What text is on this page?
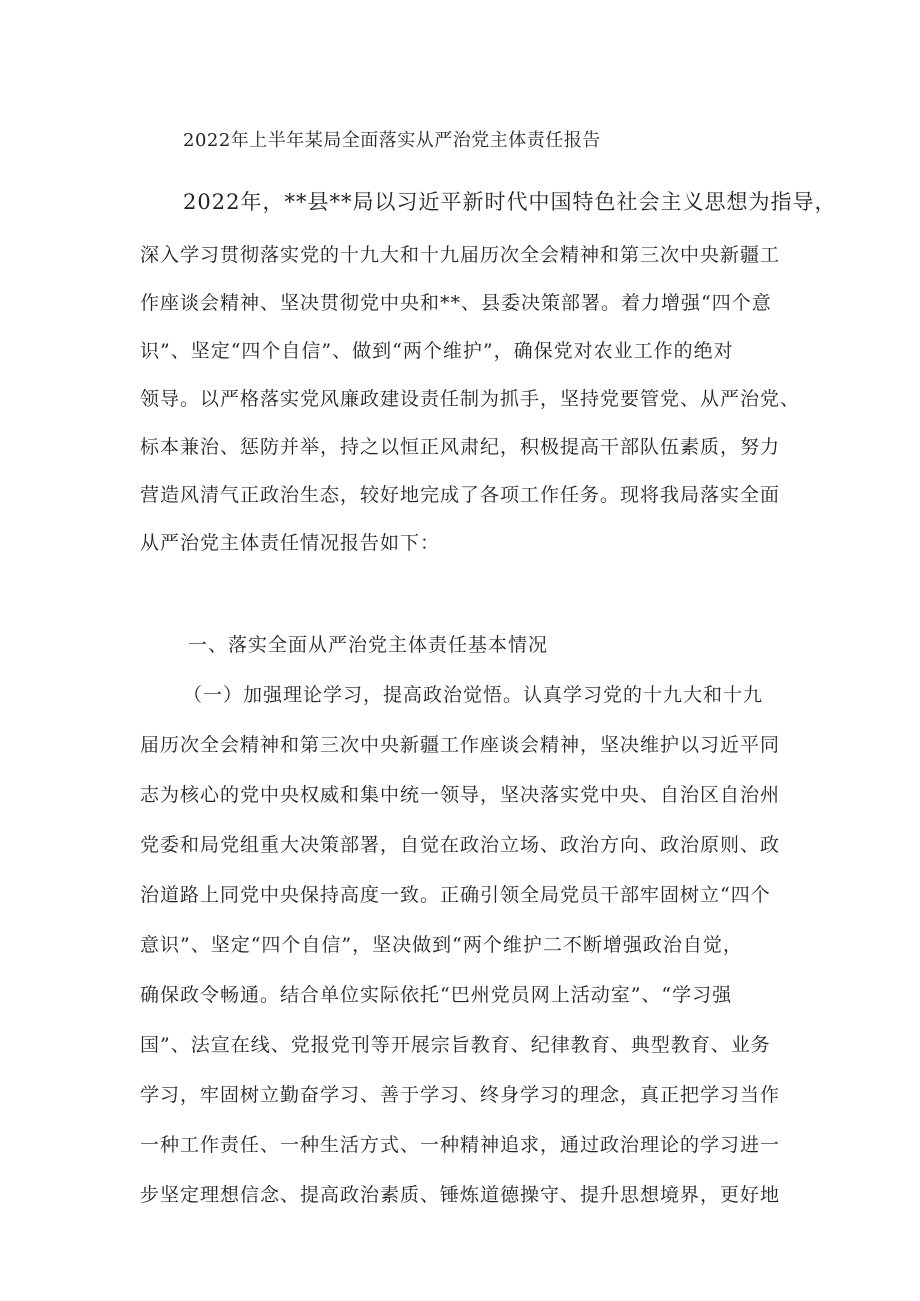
2022年上半年某局全面落实从严治党主体责任报告
2022年，**县**局以习近平新时代中国特色社会主义思想为指导，
深入学习贯彻落实党的十九大和十九届历次全会精神和第三次中央新疆工
作座谈会精神、坚决贯彻党中央和**、县委决策部署。着力增强“四个意
识”、坚定“四个自信”、做到“两个维护”，确保党对农业工作的绝对
领导。以严格落实党风廉政建设责任制为抓手，坚持党要管党、从严治党、
标本兼治、惩防并举，持之以恒正风肃纪，积极提高干部队伍素质，努力
营造风清气正政治生态，较好地完成了各项工作任务。现将我局落实全面
从严治党主体责任情况报告如下：
一、落实全面从严治党主体责任基本情况
（一）加强理论学习，提高政治觉悟。认真学习党的十九大和十九
届历次全会精神和第三次中央新疆工作座谈会精神，坚决维护以习近平同
志为核心的党中央权威和集中统一领导，坚决落实党中央、自治区自治州
党委和局党组重大决策部署，自觉在政治立场、政治方向、政治原则、政
治道路上同党中央保持高度一致。正确引领全局党员干部牢固树立“四个
意识”、坚定“四个自信”，坚决做到“两个维护二不断增强政治自觉，
确保政令畅通。结合单位实际依托“巴州党员网上活动室”、“学习强
国”、法宣在线、党报党刊等开展宗旨教育、纪律教育、典型教育、业务
学习，牢固树立勤奋学习、善于学习、终身学习的理念，真正把学习当作
一种工作责任、一种生活方式、一种精神追求，通过政治理论的学习进一
步坚定理想信念、提高政治素质、锤炼道德操守、提升思想境界，更好地
